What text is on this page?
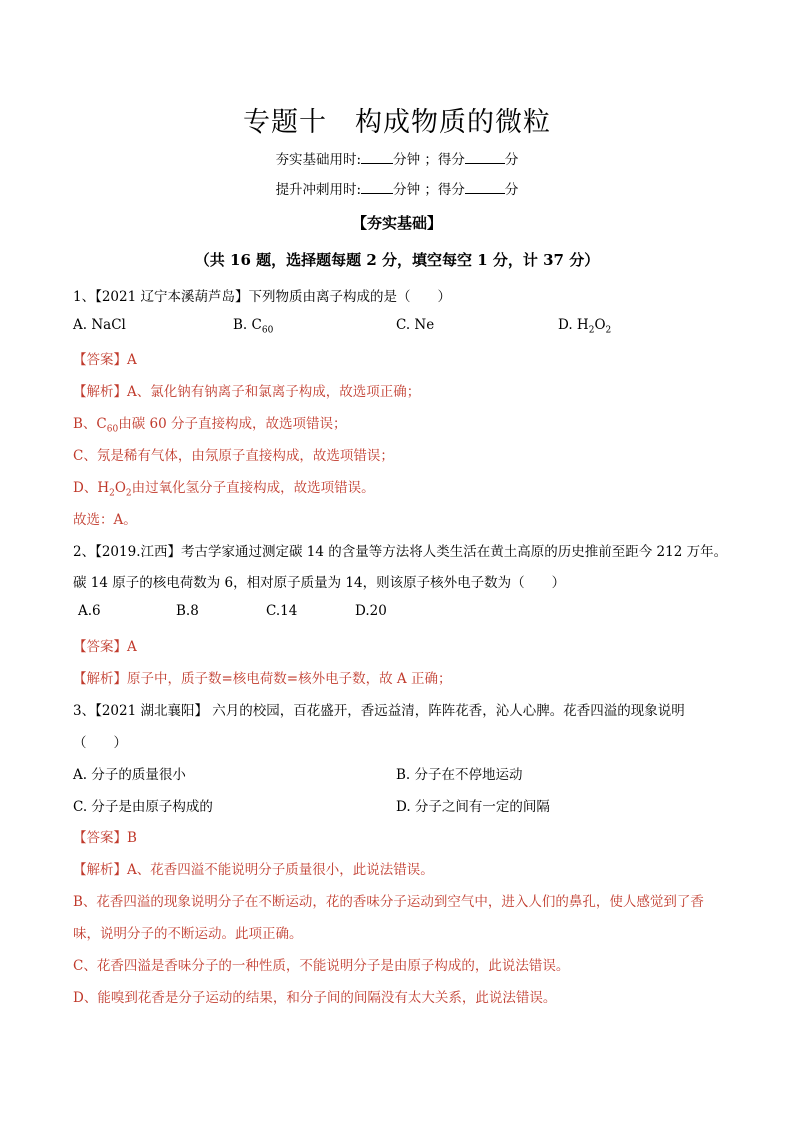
专题十　构成物质的微粒
夯实基础用时: 分钟 ；得分	分
提升冲刺用时: 分钟 ；得分	分
【夯实基础】
（共 16 题，选择题每题 2 分，填空每空 1 分，计 37 分）
1、【2021 辽宁本溪葫芦岛】下列物质由离子构成的是（　　）
A. NaCl	B. $C_{60}$	C. Ne	D. $H_2O_2$
【答案】A
【解析】A、氯化钠有钠离子和氯离子构成，故选项正确；
B、$C_{60}$由碳 60 分子直接构成，故选项错误；
C、氖是稀有气体，由氖原子直接构成，故选项错误；
D、$H_2O_2$由过氧化氢分子直接构成，故选项错误。
故选：A。
2、【2019.江西】考古学家通过测定碳 14 的含量等方法将人类生活在黄土高原的历史推前至距今 212 万年。
碳 14 原子的核电荷数为 6，相对原子质量为 14，则该原子核外电子数为（　　）
A.6	B.8	C.14	D.20
【答案】A
【解析】原子中，质子数=核电荷数=核外电子数，故 A 正确；
3、【2021 湖北襄阳】 六月的校园，百花盛开，香远益清，阵阵花香，沁人心脾。花香四溢的现象说明
（　　）
A. 分子的质量很小	B. 分子在不停地运动
C. 分子是由原子构成的	D. 分子之间有一定的间隔
【答案】B
【解析】A、花香四溢不能说明分子质量很小，此说法错误。
B、花香四溢的现象说明分子在不断运动，花的香味分子运动到空气中，进入人们的鼻孔，使人感觉到了香
味，说明分子的不断运动。此项正确。
C、花香四溢是香味分子的一种性质，不能说明分子是由原子构成的，此说法错误。
D、能嗅到花香是分子运动的结果，和分子间的间隔没有太大关系，此说法错误。
